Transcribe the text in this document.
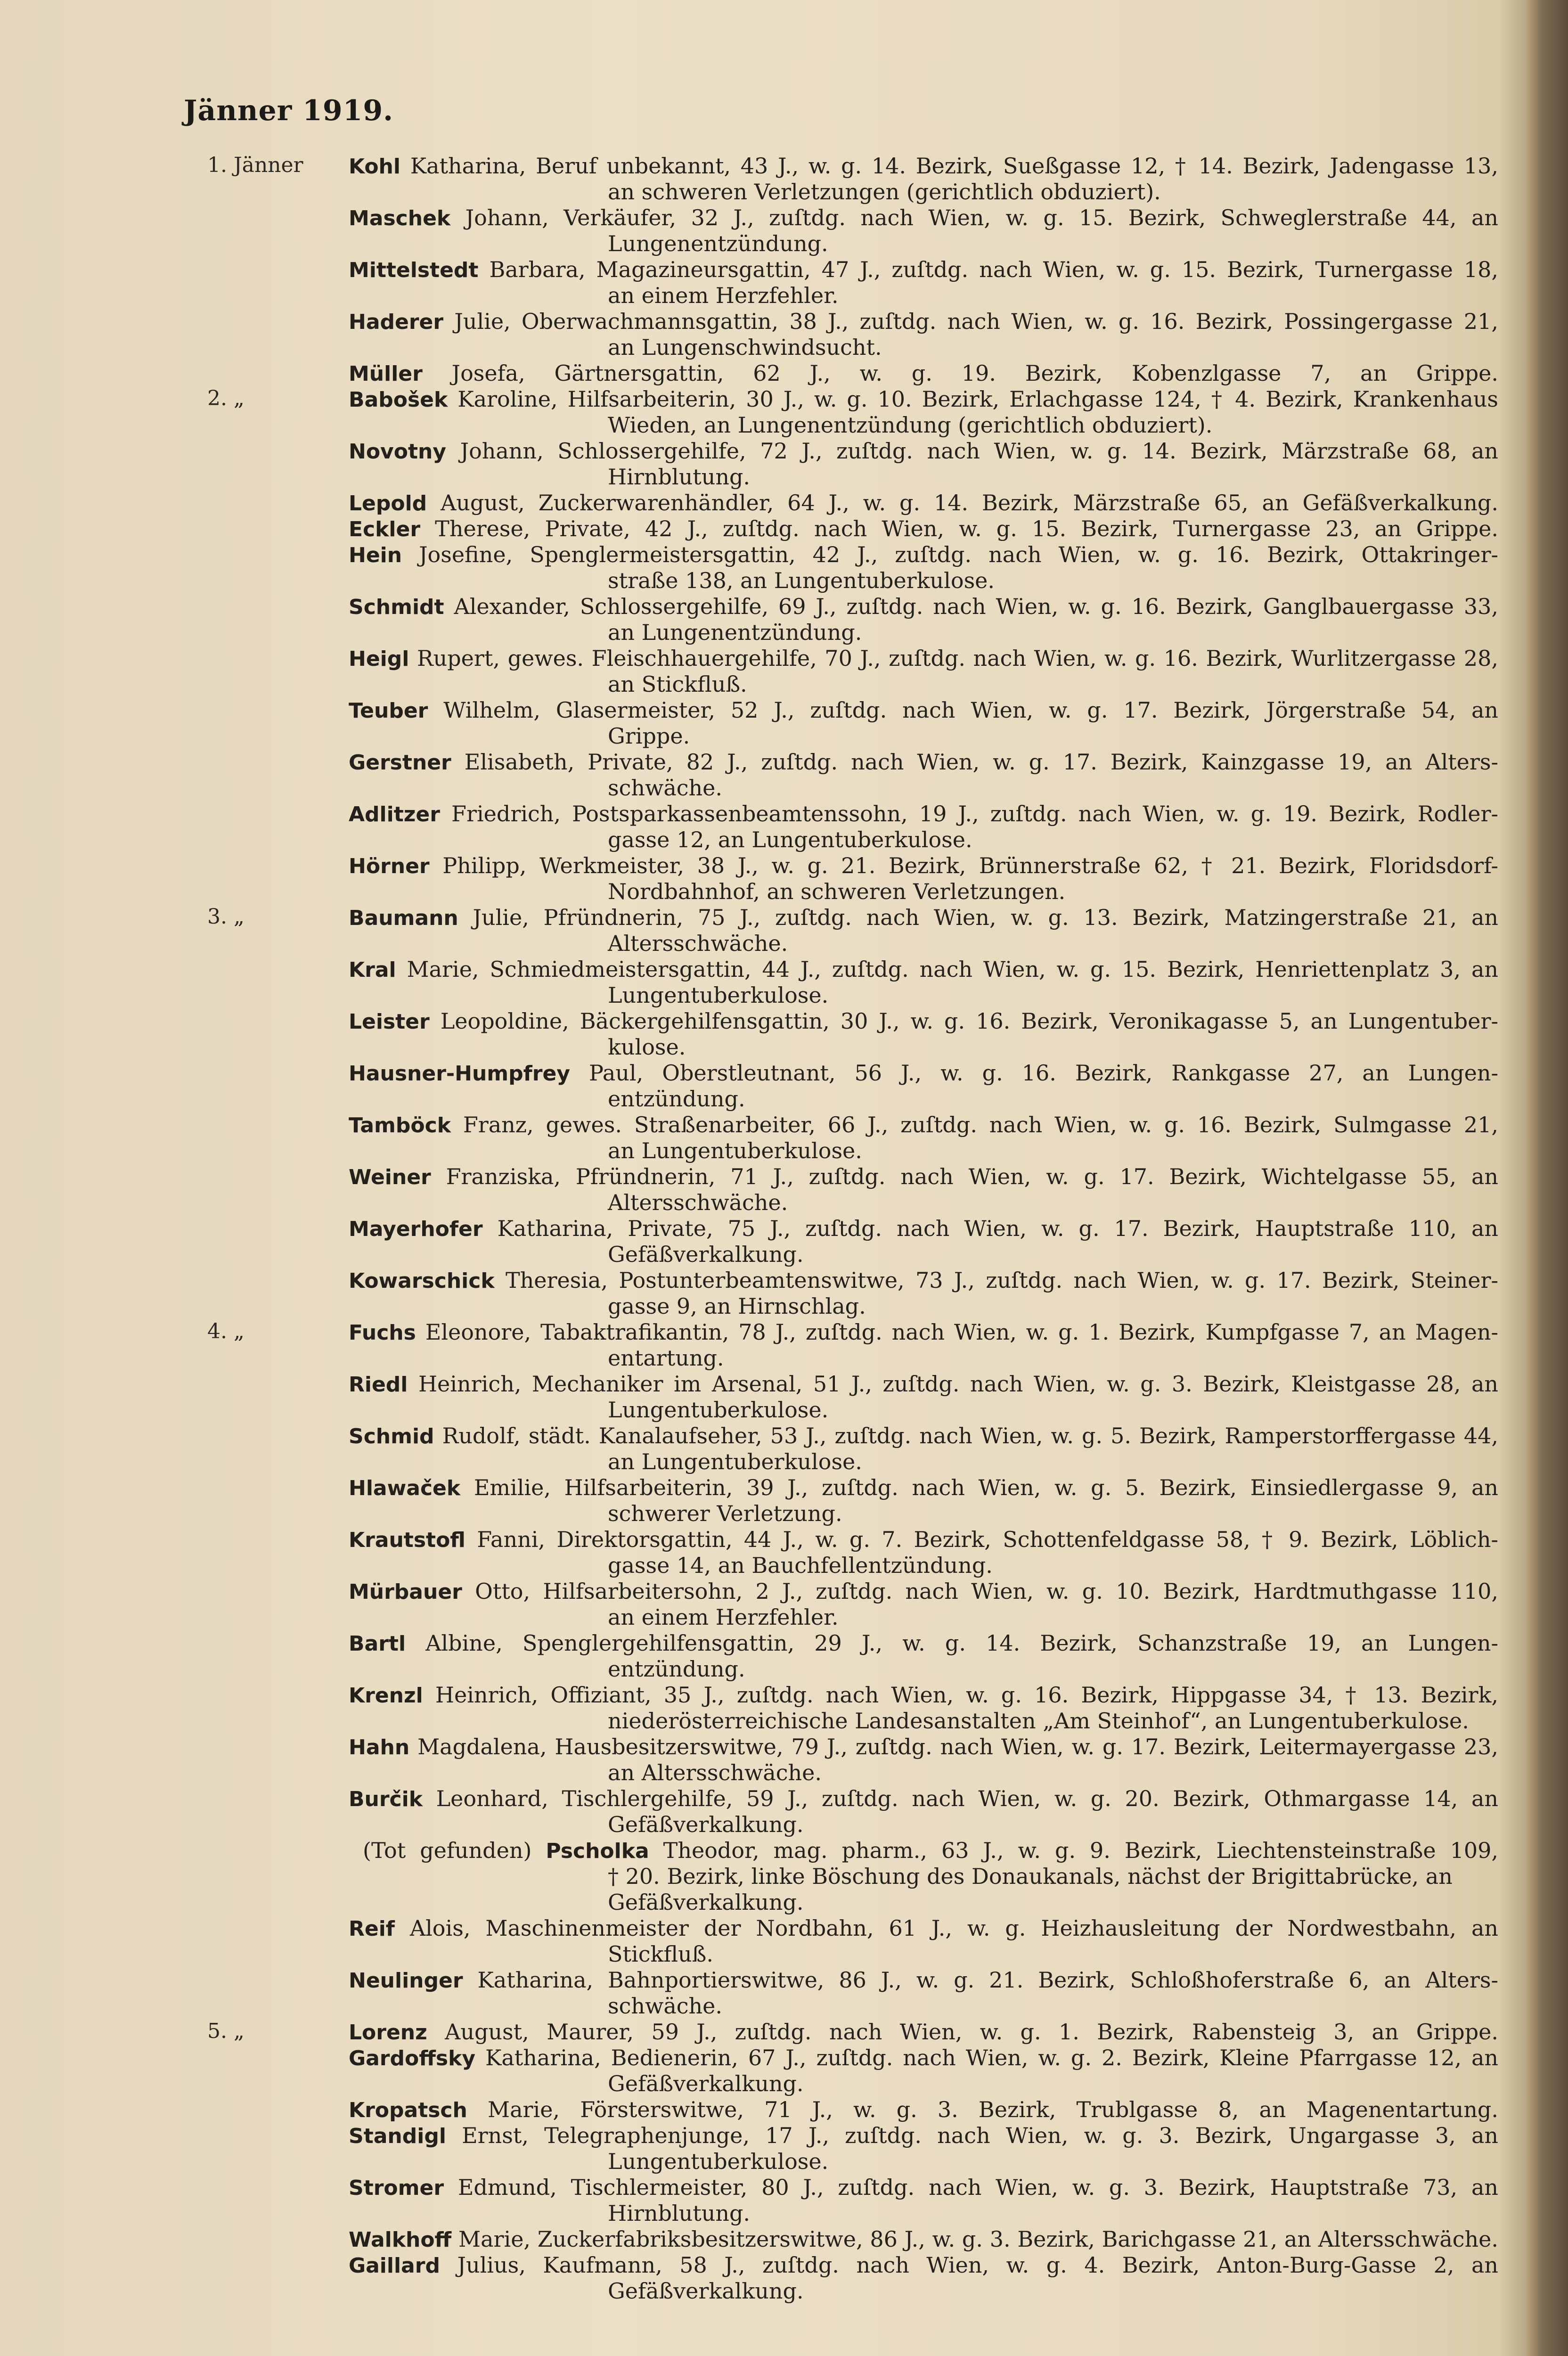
Jänner 1919.
1. Jänner	Kohl Katharina, Beruf unbekannt, 43 J., w. g. 14. Bezirk, Sueßgasse 12, † 14. Bezirk, Jadengasse 13,
an schweren Verletzungen (gerichtlich obduziert).
Maschek Johann, Verkäufer, 32 J., zuſtdg. nach Wien, w. g. 15. Bezirk, Schweglerstraße 44, an
Lungenentzündung.
Mittelstedt Barbara, Magazineursgattin, 47 J., zuſtdg. nach Wien, w. g. 15. Bezirk, Turnergasse 18,
an einem Herzfehler.
Haderer Julie, Oberwachmannsgattin, 38 J., zuſtdg. nach Wien, w. g. 16. Bezirk, Possingergasse 21,
an Lungenschwindsucht.
Müller Josefa, Gärtnersgattin, 62 J., w. g. 19. Bezirk, Kobenzlgasse 7, an Grippe.
2. „	Babošek Karoline, Hilfsarbeiterin, 30 J., w. g. 10. Bezirk, Erlachgasse 124, † 4. Bezirk, Krankenhaus
Wieden, an Lungenentzündung (gerichtlich obduziert).
Novotny Johann, Schlossergehilfe, 72 J., zuſtdg. nach Wien, w. g. 14. Bezirk, Märzstraße 68, an
Hirnblutung.
Lepold August, Zuckerwarenhändler, 64 J., w. g. 14. Bezirk, Märzstraße 65, an Gefäßverkalkung.
Eckler Therese, Private, 42 J., zuſtdg. nach Wien, w. g. 15. Bezirk, Turnergasse 23, an Grippe.
Hein Josefine, Spenglermeistersgattin, 42 J., zuſtdg. nach Wien, w. g. 16. Bezirk, Ottakringer-
straße 138, an Lungentuberkulose.
Schmidt Alexander, Schlossergehilfe, 69 J., zuſtdg. nach Wien, w. g. 16. Bezirk, Ganglbauergasse 33,
an Lungenentzündung.
Heigl Rupert, gewes. Fleischhauergehilfe, 70 J., zuſtdg. nach Wien, w. g. 16. Bezirk, Wurlitzergasse 28,
an Stickfluß.
Teuber Wilhelm, Glasermeister, 52 J., zuſtdg. nach Wien, w. g. 17. Bezirk, Jörgerstraße 54, an
Grippe.
Gerstner Elisabeth, Private, 82 J., zuſtdg. nach Wien, w. g. 17. Bezirk, Kainzgasse 19, an Alters-
schwäche.
Adlitzer Friedrich, Postsparkassenbeamtenssohn, 19 J., zuſtdg. nach Wien, w. g. 19. Bezirk, Rodler-
gasse 12, an Lungentuberkulose.
Hörner Philipp, Werkmeister, 38 J., w. g. 21. Bezirk, Brünnerstraße 62, † 21. Bezirk, Floridsdorf-
Nordbahnhof, an schweren Verletzungen.
3. „	Baumann Julie, Pfründnerin, 75 J., zuſtdg. nach Wien, w. g. 13. Bezirk, Matzingerstraße 21, an
Altersschwäche.
Kral Marie, Schmiedmeistersgattin, 44 J., zuſtdg. nach Wien, w. g. 15. Bezirk, Henriettenplatz 3, an
Lungentuberkulose.
Leister Leopoldine, Bäckergehilfensgattin, 30 J., w. g. 16. Bezirk, Veronikagasse 5, an Lungentuber-
kulose.
Hausner-Humpfrey Paul, Oberstleutnant, 56 J., w. g. 16. Bezirk, Rankgasse 27, an Lungen-
entzündung.
Tamböck Franz, gewes. Straßenarbeiter, 66 J., zuſtdg. nach Wien, w. g. 16. Bezirk, Sulmgasse 21,
an Lungentuberkulose.
Weiner Franziska, Pfründnerin, 71 J., zuſtdg. nach Wien, w. g. 17. Bezirk, Wichtelgasse 55, an
Altersschwäche.
Mayerhofer Katharina, Private, 75 J., zuſtdg. nach Wien, w. g. 17. Bezirk, Hauptstraße 110, an
Gefäßverkalkung.
Kowarschick Theresia, Postunterbeamtenswitwe, 73 J., zuſtdg. nach Wien, w. g. 17. Bezirk, Steiner-
gasse 9, an Hirnschlag.
4. „	Fuchs Eleonore, Tabaktrafikantin, 78 J., zuſtdg. nach Wien, w. g. 1. Bezirk, Kumpfgasse 7, an Magen-
entartung.
Riedl Heinrich, Mechaniker im Arsenal, 51 J., zuſtdg. nach Wien, w. g. 3. Bezirk, Kleistgasse 28, an
Lungentuberkulose.
Schmid Rudolf, städt. Kanalaufseher, 53 J., zuſtdg. nach Wien, w. g. 5. Bezirk, Ramperstorffergasse 44,
an Lungentuberkulose.
Hlawaček Emilie, Hilfsarbeiterin, 39 J., zuſtdg. nach Wien, w. g. 5. Bezirk, Einsiedlergasse 9, an
schwerer Verletzung.
Krautstofl Fanni, Direktorsgattin, 44 J., w. g. 7. Bezirk, Schottenfeldgasse 58, † 9. Bezirk, Löblich-
gasse 14, an Bauchfellentzündung.
Mürbauer Otto, Hilfsarbeitersohn, 2 J., zuſtdg. nach Wien, w. g. 10. Bezirk, Hardtmuthgasse 110,
an einem Herzfehler.
Bartl Albine, Spenglergehilfensgattin, 29 J., w. g. 14. Bezirk, Schanzstraße 19, an Lungen-
entzündung.
Krenzl Heinrich, Offiziant, 35 J., zuſtdg. nach Wien, w. g. 16. Bezirk, Hippgasse 34, † 13. Bezirk,
niederösterreichische Landesanstalten „Am Steinhof“, an Lungentuberkulose.
Hahn Magdalena, Hausbesitzerswitwe, 79 J., zuſtdg. nach Wien, w. g. 17. Bezirk, Leitermayergasse 23,
an Altersschwäche.
Burčik Leonhard, Tischlergehilfe, 59 J., zuſtdg. nach Wien, w. g. 20. Bezirk, Othmargasse 14, an
Gefäßverkalkung.
(Tot gefunden) Pscholka Theodor, mag. pharm., 63 J., w. g. 9. Bezirk, Liechtensteinstraße 109,
† 20. Bezirk, linke Böschung des Donaukanals, nächst der Brigittabrücke, an
Gefäßverkalkung.
Reif Alois, Maschinenmeister der Nordbahn, 61 J., w. g. Heizhausleitung der Nordwestbahn, an
Stickfluß.
Neulinger Katharina, Bahnportierswitwe, 86 J., w. g. 21. Bezirk, Schloßhoferstraße 6, an Alters-
schwäche.
5. „	Lorenz August, Maurer, 59 J., zuſtdg. nach Wien, w. g. 1. Bezirk, Rabensteig 3, an Grippe.
Gardoffsky Katharina, Bedienerin, 67 J., zuſtdg. nach Wien, w. g. 2. Bezirk, Kleine Pfarrgasse 12, an
Gefäßverkalkung.
Kropatsch Marie, Försterswitwe, 71 J., w. g. 3. Bezirk, Trublgasse 8, an Magenentartung.
Standigl Ernst, Telegraphenjunge, 17 J., zuſtdg. nach Wien, w. g. 3. Bezirk, Ungargasse 3, an
Lungentuberkulose.
Stromer Edmund, Tischlermeister, 80 J., zuſtdg. nach Wien, w. g. 3. Bezirk, Hauptstraße 73, an
Hirnblutung.
Walkhoff Marie, Zuckerfabriksbesitzerswitwe, 86 J., w. g. 3. Bezirk, Barichgasse 21, an Altersschwäche.
Gaillard Julius, Kaufmann, 58 J., zuſtdg. nach Wien, w. g. 4. Bezirk, Anton-Burg-Gasse 2, an
Gefäßverkalkung.
